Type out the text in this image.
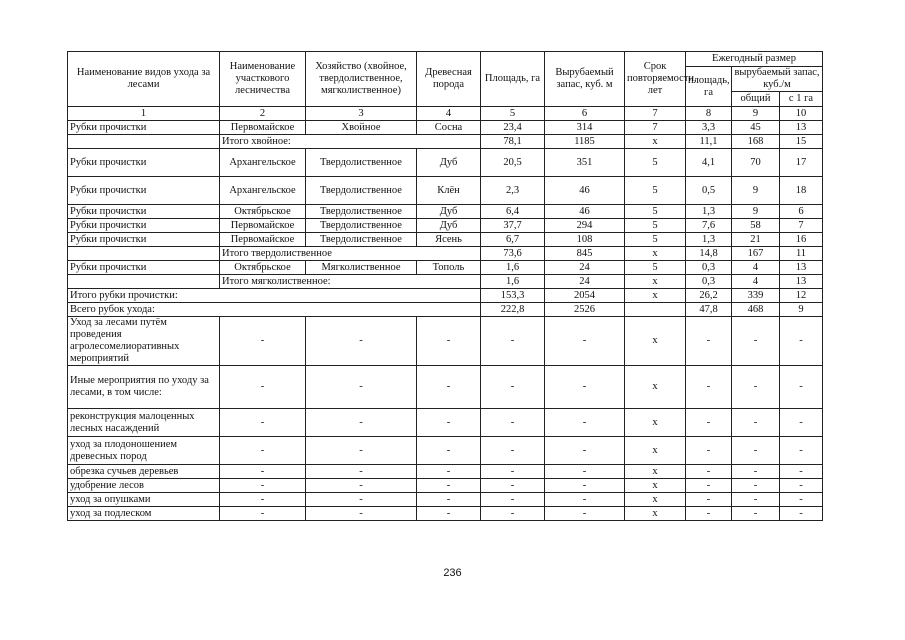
Наименование видов ухода за лесами	Наименование участкового лесничества	Хозяйство (хвойное, твердолиственное, мягколиственное)	Древесная порода	Площадь, га	Вырубаемый запас, куб. м	Срок повторяемости, лет	Ежегодный размер		
							площадь, га	вырубаемый запас, куб./м	
								общий	с 1 га
1	2	3	4	5	6	7	8	9	10
Рубки прочистки	Первомайское	Хвойное	Сосна	23,4	314	7	3,3	45	13
	Итого хвойное:			78,1	1185	х	11,1	168	15
Рубки прочистки	Архангельское	Твердолиственное	Дуб	20,5	351	5	4,1	70	17
Рубки прочистки	Архангельское	Твердолиственное	Клён	2,3	46	5	0,5	9	18
Рубки прочистки	Октябрьское	Твердолиственное	Дуб	6,4	46	5	1,3	9	6
Рубки прочистки	Первомайское	Твердолиственное	Дуб	37,7	294	5	7,6	58	7
Рубки прочистки	Первомайское	Твердолиственное	Ясень	6,7	108	5	1,3	21	16
	Итого твердолиственное			73,6	845	х	14,8	167	11
Рубки прочистки	Октябрьское	Мягколиственное	Тополь	1,6	24	5	0,3	4	13
	Итого мягколиственное:			1,6	24	х	0,3	4	13
Итого рубки прочистки:				153,3	2054	х	26,2	339	12
Всего рубок ухода:				222,8	2526		47,8	468	9
Уход за лесами путём проведения агролесомелиоративных мероприятий	-	-	-	-	-	х	-	-	-
Иные мероприятия по уходу за лесами, в том числе:	-	-	-	-	-	х	-	-	-
реконструкция малоценных лесных насаждений	-	-	-	-	-	х	-	-	-
уход за плодоношением древесных пород	-	-	-	-	-	х	-	-	-
обрезка сучьев деревьев	-	-	-	-	-	х	-	-	-
удобрение лесов	-	-	-	-	-	х	-	-	-
уход за опушками	-	-	-	-	-	х	-	-	-
уход за подлеском	-	-	-	-	-	х	-	-	-
236
